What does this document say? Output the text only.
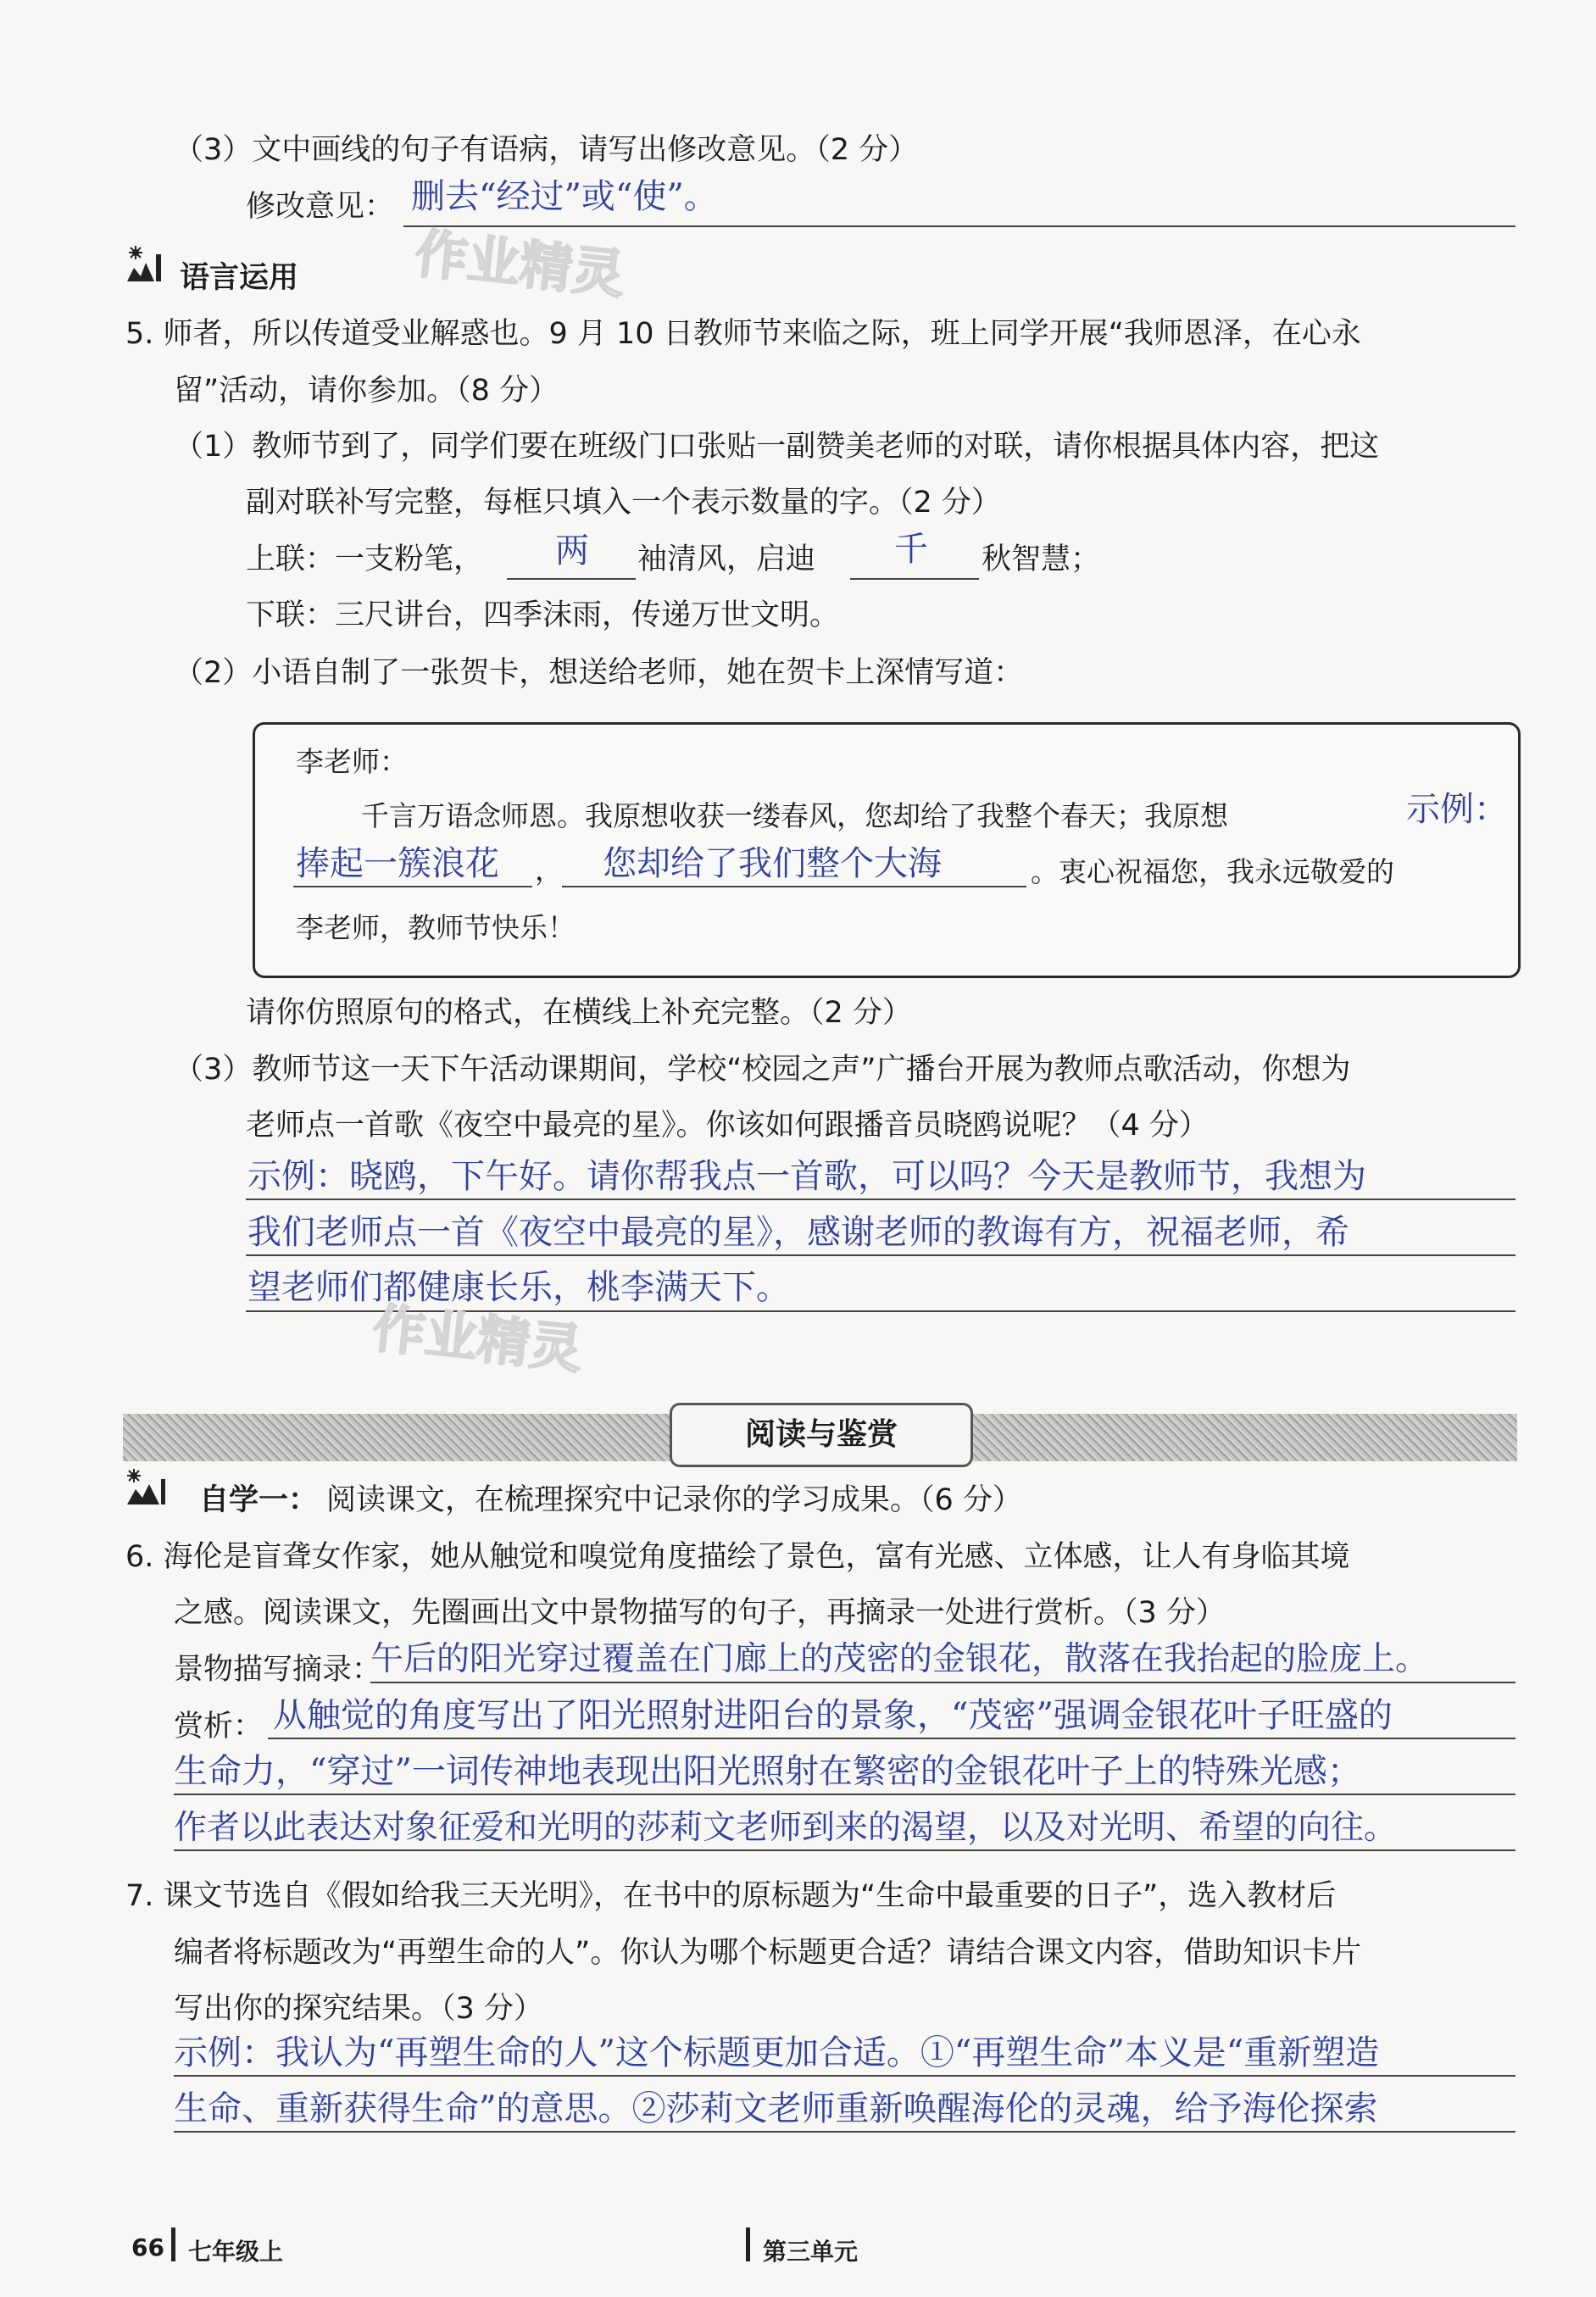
（3）文中画线的句子有语病，请写出修改意见。（2 分）
修改意见： 删去“经过”或“使”。
作业精灵
语言运用
5. 师者，所以传道受业解惑也。9 月 10 日教师节来临之际，班上同学开展“我师恩泽，在心永
留”活动，请你参加。（8 分）
（1）教师节到了，同学们要在班级门口张贴一副赞美老师的对联，请你根据具体内容，把这
副对联补写完整，每框只填入一个表示数量的字。（2 分）
上联：一支粉笔， 两 袖清风，启迪 千 秋智慧；
下联：三尺讲台，四季沫雨，传递万世文明。
（2）小语自制了一张贺卡，想送给老师，她在贺卡上深情写道：
李老师：
千言万语念师恩。我原想收获一缕春风，您却给了我整个春天；我原想	示例：
捧起一簇浪花 ， 您却给了我们整个大海	。衷心祝福您，我永远敬爱的
李老师，教师节快乐！
请你仿照原句的格式，在横线上补充完整。（2 分）
（3）教师节这一天下午活动课期间，学校“校园之声”广播台开展为教师点歌活动，你想为
老师点一首歌《夜空中最亮的星》。你该如何跟播音员晓鸥说呢？（4 分）
示例：晓鸥，下午好。请你帮我点一首歌，可以吗？今天是教师节，我想为
我们老师点一首《夜空中最亮的星》，感谢老师的教诲有方，祝福老师，希
望老师们都健康长乐，桃李满天下。
作业精灵
阅读与鉴赏
自学一： 阅读课文，在梳理探究中记录你的学习成果。（6 分）
6. 海伦是盲聋女作家，她从触觉和嗅觉角度描绘了景色，富有光感、立体感，让人有身临其境
之感。阅读课文，先圈画出文中景物描写的句子，再摘录一处进行赏析。（3 分）
景物描写摘录：
午后的阳光穿过覆盖在门廊上的茂密的金银花，散落在我抬起的脸庞上。
赏析： 从触觉的角度写出了阳光照射进阳台的景象，“茂密”强调金银花叶子旺盛的
生命力，“穿过”一词传神地表现出阳光照射在繁密的金银花叶子上的特殊光感；
作者以此表达对象征爱和光明的莎莉文老师到来的渴望，以及对光明、希望的向往。
7. 课文节选自《假如给我三天光明》，在书中的原标题为“生命中最重要的日子”，选入教材后
编者将标题改为“再塑生命的人”。你认为哪个标题更合适？请结合课文内容，借助知识卡片
写出你的探究结果。（3 分）
示例：我认为“再塑生命的人”这个标题更加合适。①“再塑生命”本义是“重新塑造
生命、重新获得生命”的意思。②莎莉文老师重新唤醒海伦的灵魂，给予海伦探索
66 七年级上	第三单元
